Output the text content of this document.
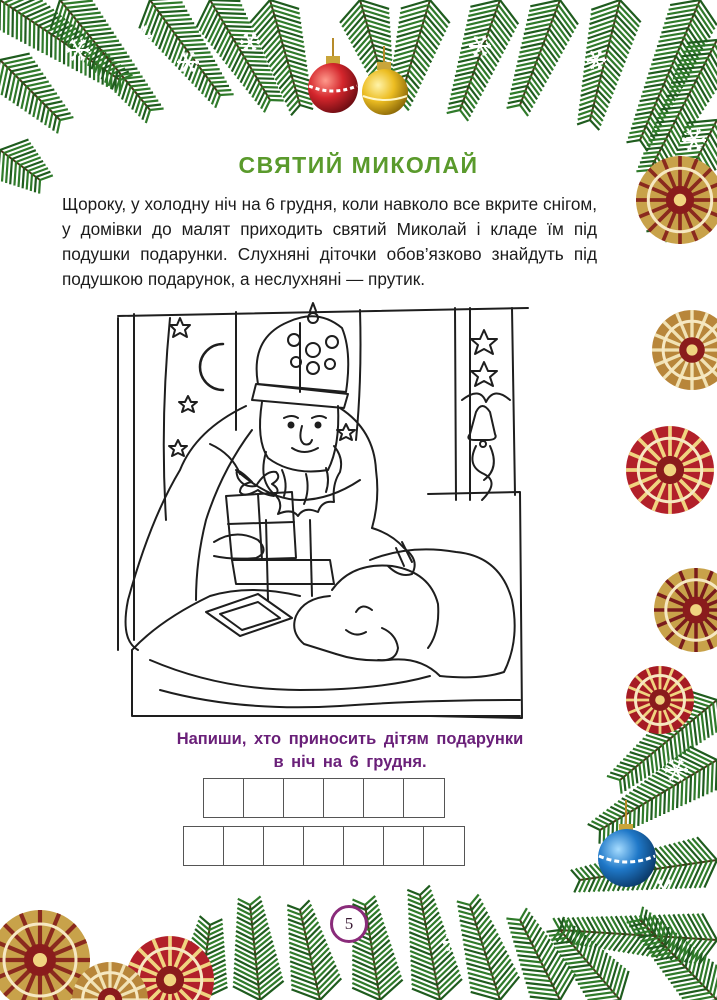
СВЯТИЙ МИКОЛАЙ
Щороку, у холодну ніч на 6 грудня, коли навколо все вкрите снігом, у домівки до малят приходить святий Миколай і кладе їм під подушки подарунки. Слухняні діточки обов’язково знайдуть під подушкою подарунок, а неслухняні — прутик.
Напиши, хто приносить дітям подарунки
в ніч на 6 грудня.
5
